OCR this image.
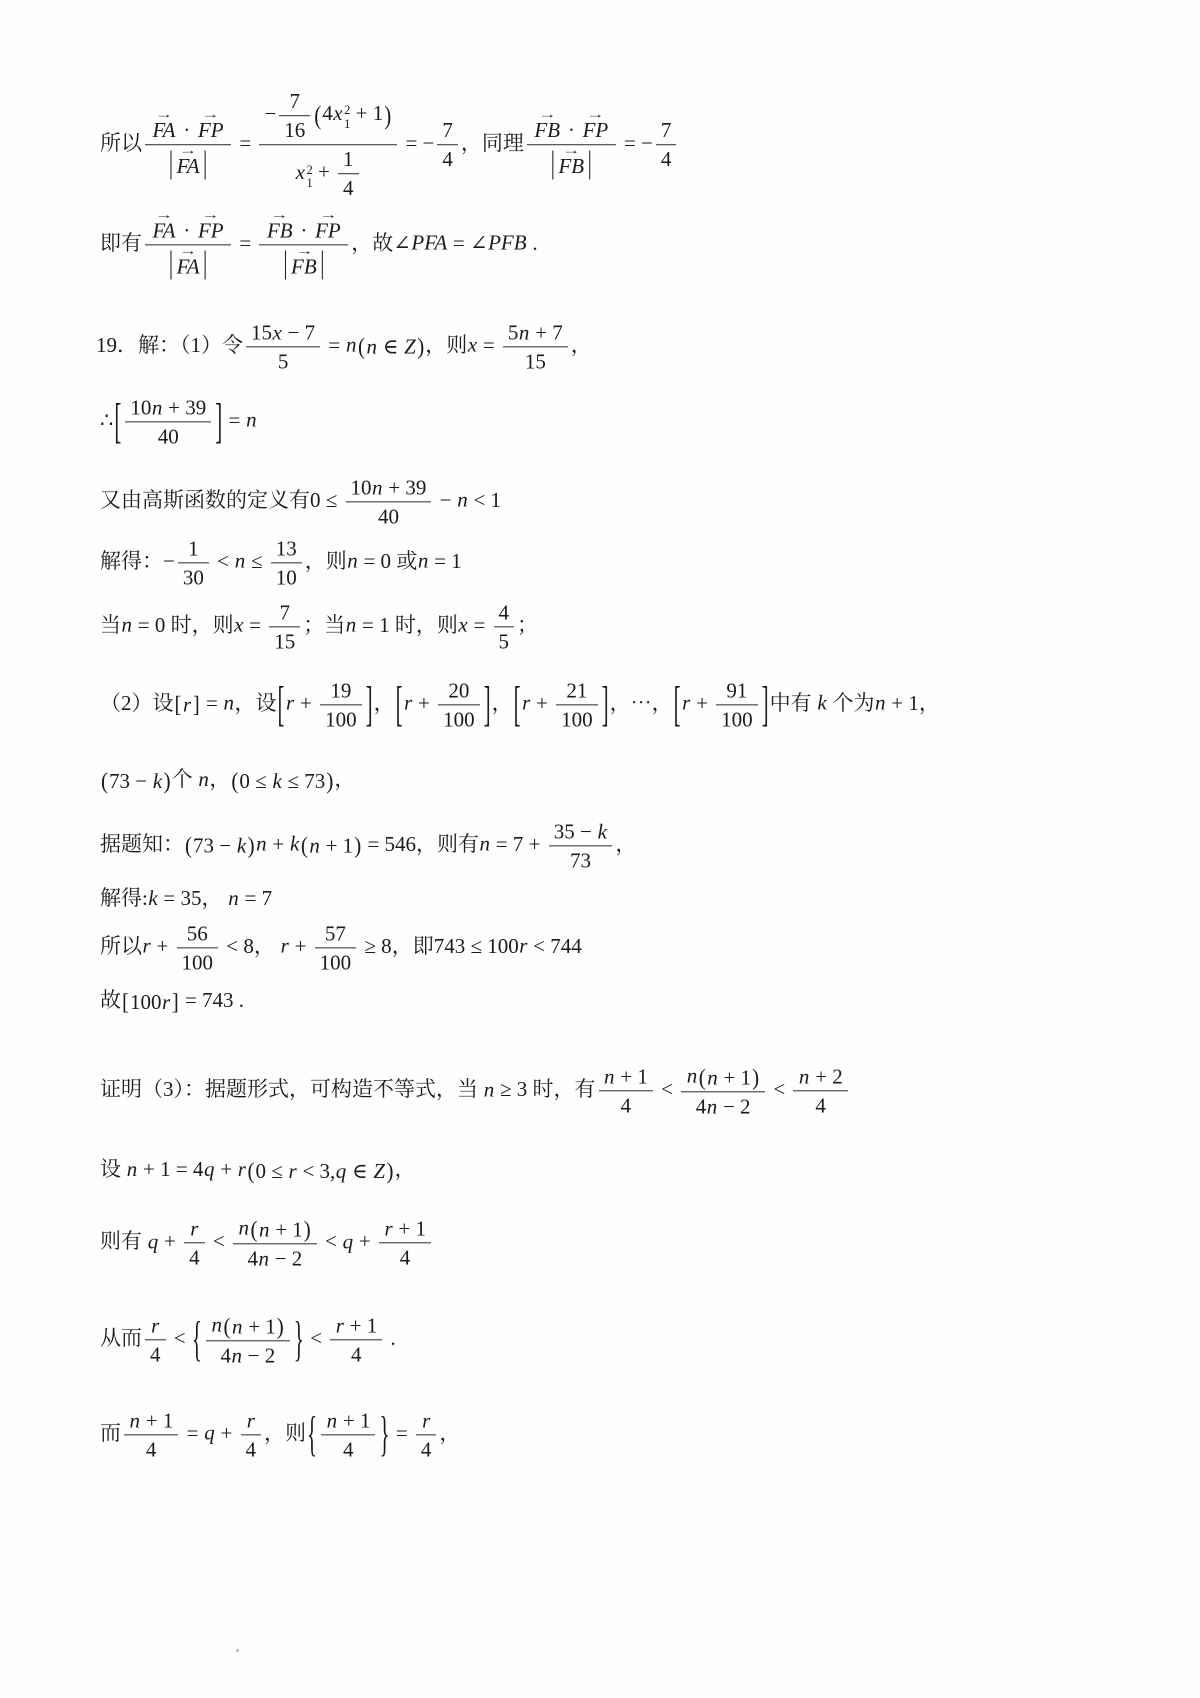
所以 →
FA ·
→
FP
| →
FA | = − $\frac{7}{16}$ ( 4x 2
1 + 1 )
x 2
$1 + \frac{1}{4}$ = − $\frac{7}{4}$ ，同理 →
FB ·
→
FP
| →
FB | = − $\frac{7}{4}$
即有 →
FA ·
→
FP
| →
FA | = →
FB ·
→
FP
| →
FB | ，故∠PFA = ∠PFB .
19．解：（1）令 $\frac{15x - 7}{5} = n$ ( n ∈ Z ) ，则$x = \frac{5n + 7}{15}$ ，
∴ [ $\frac{10n + 39}{40}$ ] = n
又由高斯函数的定义有$0 \le \frac{10n + 39}{40} - n < 1$
解得：− $\frac{1}{30} < n \le \frac{13}{10}$ ，则n = 0 或n = 1
当n = 0 时，则$x = \frac{7}{15}$ ；当n = 1 时，则$x = \frac{4}{5}$ ；
（2）设 [ r ] = n，设 [ $r + \frac{19}{100}$ ] ， [ $r + \frac{20}{100}$ ] ， [ $r + \frac{21}{100}$ ] ，⋯， [ $r + \frac{91}{100}$ ] 中有 k 个为n + 1，
( 73 − k ) 个 n， ( 0 ≤ k ≤ 73 ) ，
据题知： ( 73 − k ) n + k ( n + 1 ) = 546，则有$n = 7 + \frac{35 - k}{73}$ ，
解得:k = 35， n = 7
所以$r + \frac{56}{100} < 8$， $r + \frac{57}{100} \ge 8$，即743 ≤ 100r < 744
故 [ 100r ] = 743 .
证明（3）：据题形式，可构造不等式，当 n ≥ 3 时，有 $\frac{n + 1}{4} < \frac{n ( n + 1 )}{4n - 2} < \frac{n + 2}{4}$
设 n + 1 = 4q + r ( 0 ≤ r < 3,q ∈ Z ) ，
则有 $q + \frac{r}{4} < \frac{n ( n + 1 )}{4n - 2} < q + \frac{r + 1}{4}$
从而 $\frac{r}{4}$ < { $\frac{n ( n + 1 )}{4n - 2}$ } < $\frac{r + 1}{4}$ .
而 $\frac{n + 1}{4} = q + \frac{r}{4}$ ，则 { $\frac{n + 1}{4}$ } = $\frac{r}{4}$ ，
